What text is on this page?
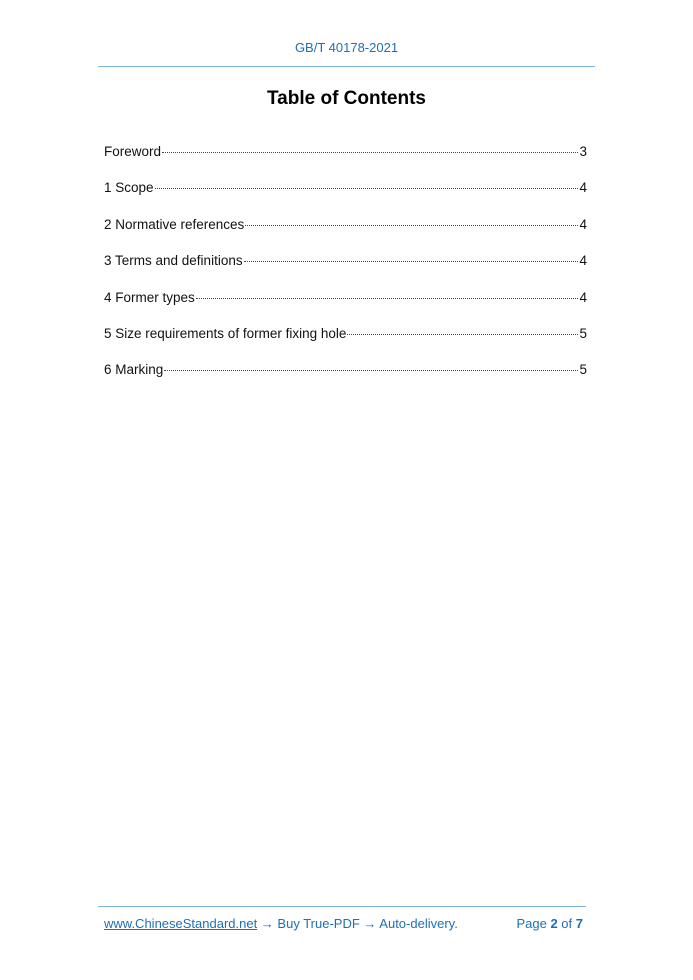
GB/T 40178-2021
Table of Contents
Foreword	3
1 Scope	4
2 Normative references	4
3 Terms and definitions	4
4 Former types	4
5 Size requirements of former fixing hole	5
6 Marking	5
www.ChineseStandard.net → Buy True-PDF → Auto-delivery.	Page 2 of 7
